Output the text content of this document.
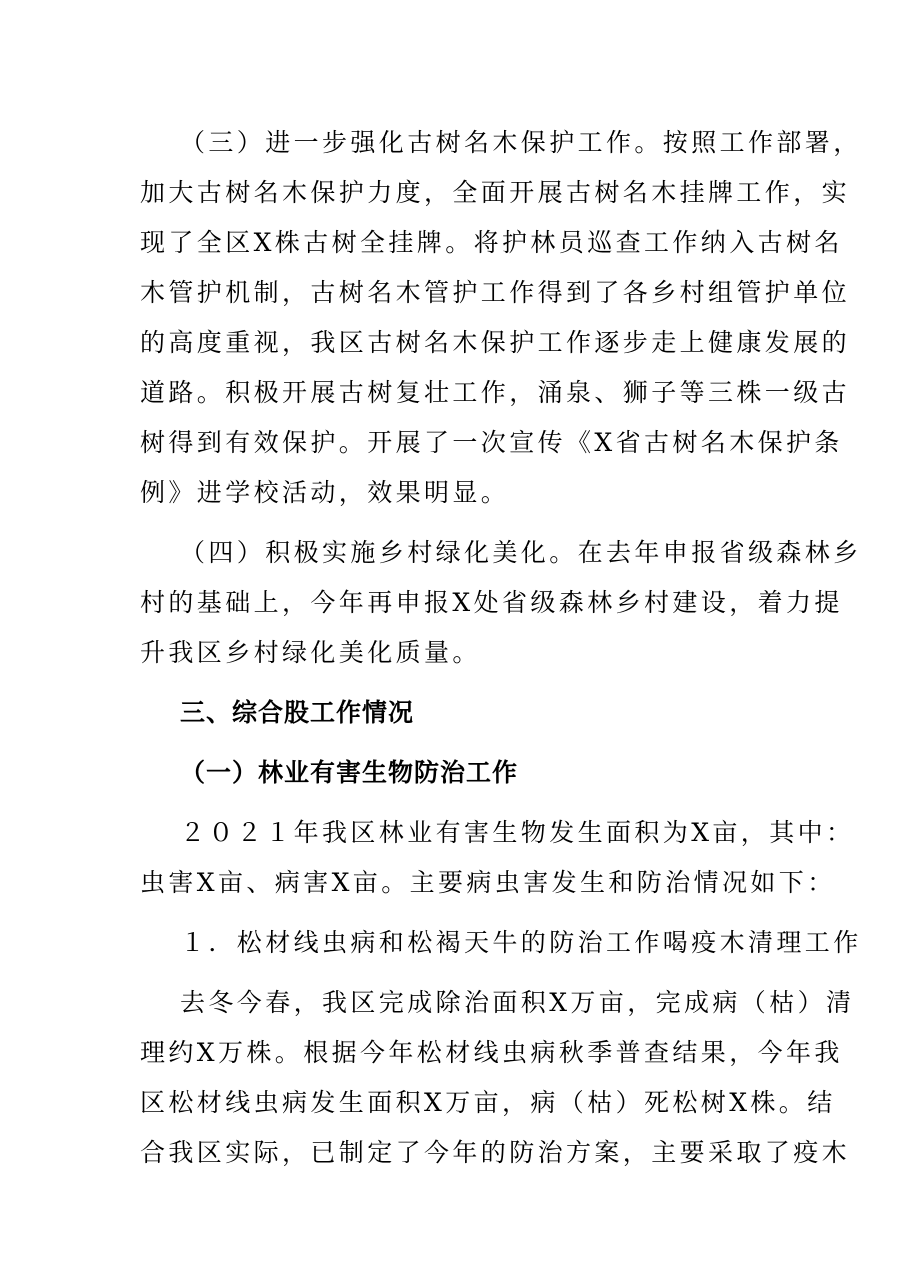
（三）进一步强化古树名木保护工作。按照工作部署，
加大古树名木保护力度，全面开展古树名木挂牌工作，实
现了全区X株古树全挂牌。将护林员巡查工作纳入古树名
木管护机制，古树名木管护工作得到了各乡村组管护单位
的高度重视，我区古树名木保护工作逐步走上健康发展的
道路。积极开展古树复壮工作，涌泉、狮子等三株一级古
树得到有效保护。开展了一次宣传《X省古树名木保护条
例》进学校活动，效果明显。
（四）积极实施乡村绿化美化。在去年申报省级森林乡
村的基础上，今年再申报X处省级森林乡村建设，着力提
升我区乡村绿化美化质量。
三、综合股工作情况
（一）林业有害生物防治工作
２０２１年我区林业有害生物发生面积为X亩，其中：
虫害X亩、病害X亩。主要病虫害发生和防治情况如下：
１．松材线虫病和松褐天牛的防治工作喝疫木清理工作
去冬今春，我区完成除治面积X万亩，完成病（枯）清
理约X万株。根据今年松材线虫病秋季普查结果，今年我
区松材线虫病发生面积X万亩，病（枯）死松树X株。结
合我区实际，已制定了今年的防治方案，主要采取了疫木
